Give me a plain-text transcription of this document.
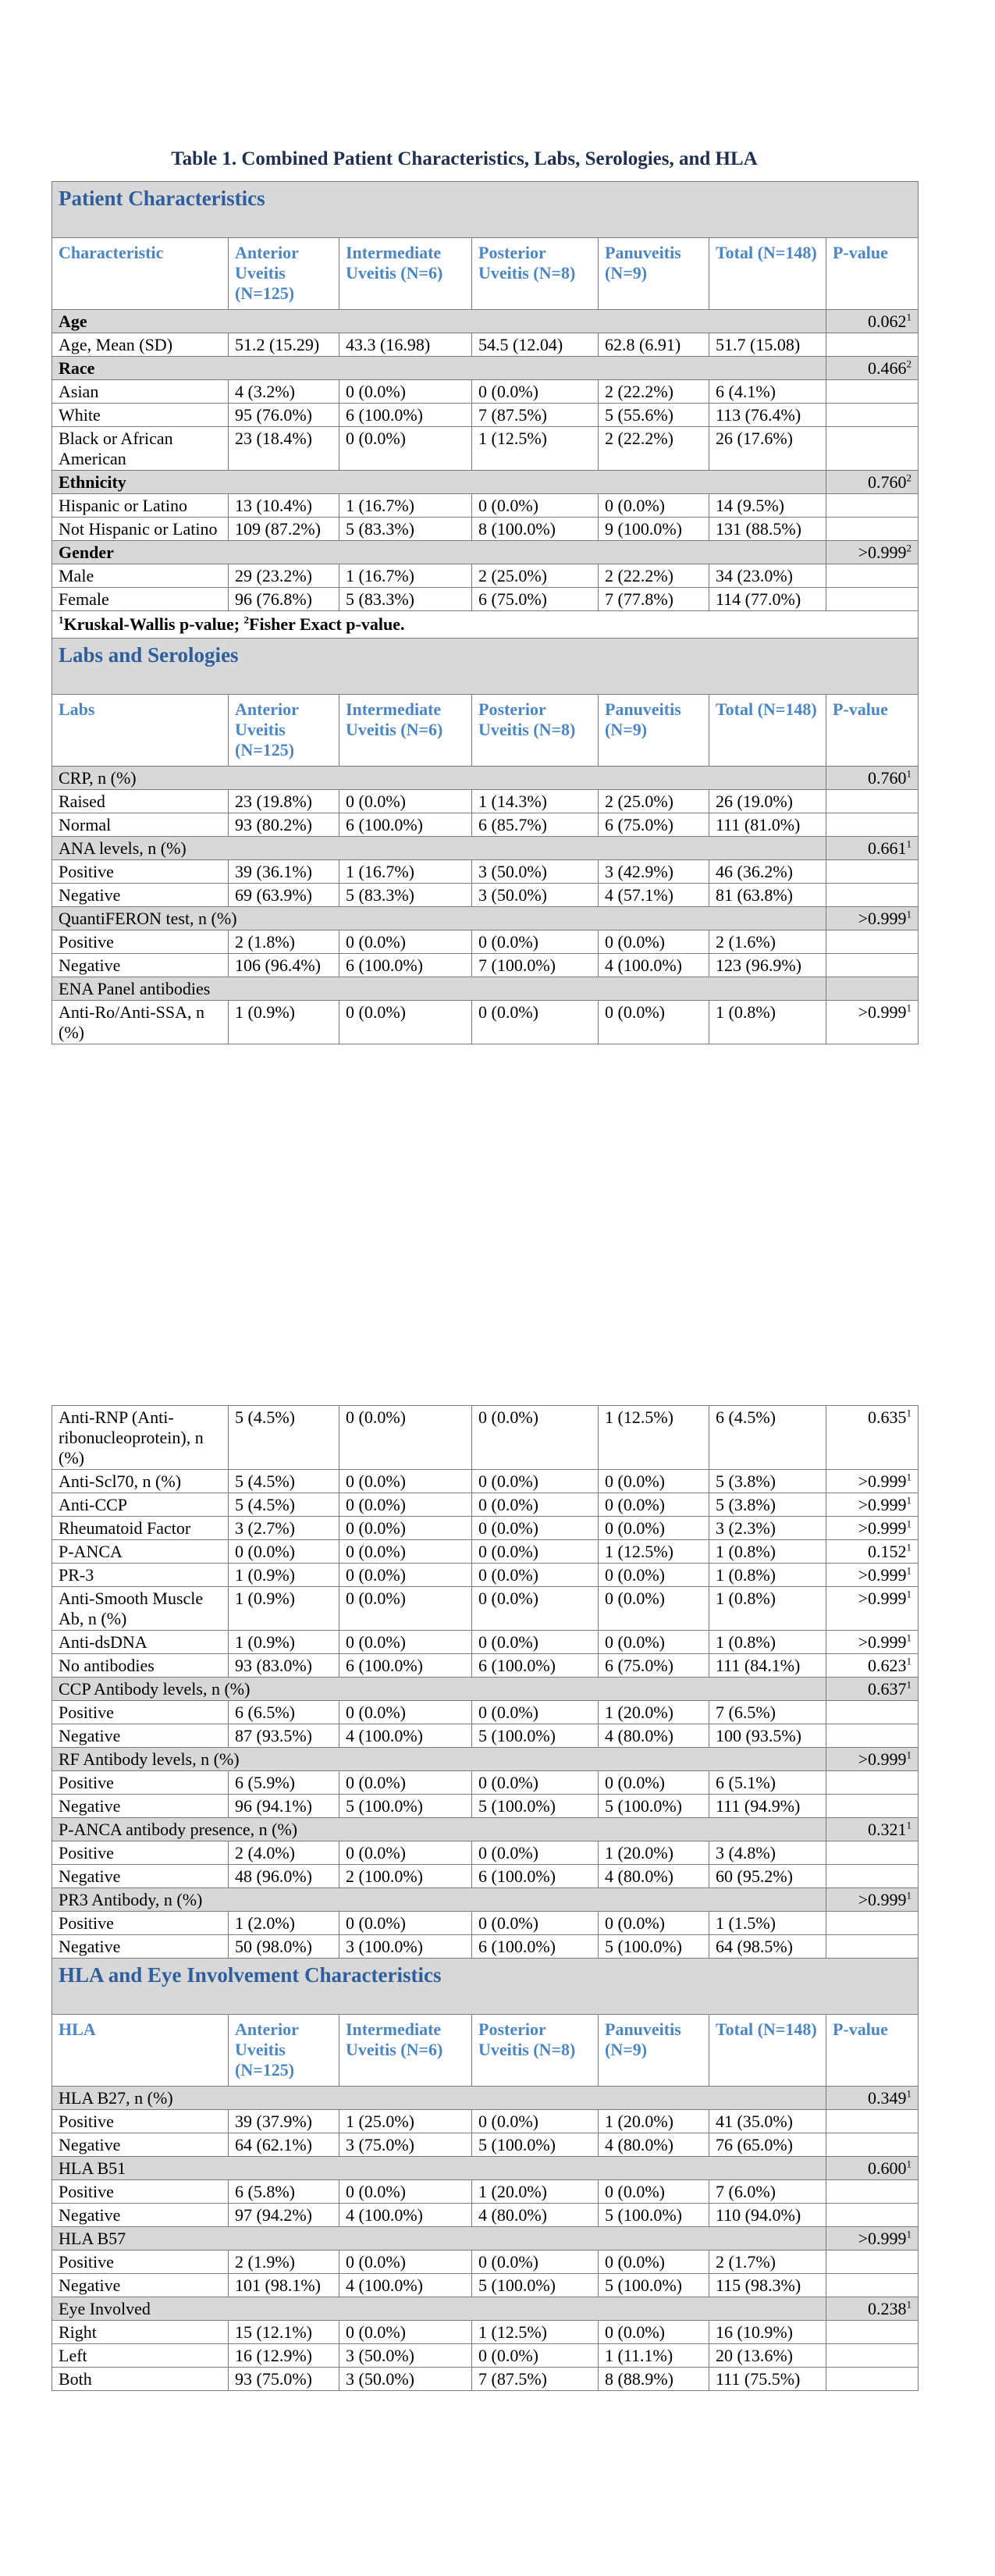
Table 1. Combined Patient Characteristics, Labs, Serologies, and HLA
Patient Characteristics						
Characteristic	Anterior Uveitis (N=125)	Intermediate Uveitis (N=6)	Posterior Uveitis (N=8)	Panuveitis (N=9)	Total (N=148)	P-value
Age						0.062$^1$
Age, Mean (SD)	51.2 (15.29)	43.3 (16.98)	54.5 (12.04)	62.8 (6.91)	51.7 (15.08)	
Race						0.466$^2$
Asian	4 (3.2%)	0 (0.0%)	0 (0.0%)	2 (22.2%)	6 (4.1%)	
White	95 (76.0%)	6 (100.0%)	7 (87.5%)	5 (55.6%)	113 (76.4%)	
Black or African American	23 (18.4%)	0 (0.0%)	1 (12.5%)	2 (22.2%)	26 (17.6%)	
Ethnicity						0.760$^2$
Hispanic or Latino	13 (10.4%)	1 (16.7%)	0 (0.0%)	0 (0.0%)	14 (9.5%)	
Not Hispanic or Latino	109 (87.2%)	5 (83.3%)	8 (100.0%)	9 (100.0%)	131 (88.5%)	
Gender						$>0.999^2$
Male	29 (23.2%)	1 (16.7%)	2 (25.0%)	2 (22.2%)	34 (23.0%)	
Female	96 (76.8%)	5 (83.3%)	6 (75.0%)	7 (77.8%)	114 (77.0%)	
$^1$Kruskal-Wallis p-value; $^2$Fisher Exact p-value.						
Labs and Serologies						
Labs	Anterior Uveitis (N=125)	Intermediate Uveitis (N=6)	Posterior Uveitis (N=8)	Panuveitis (N=9)	Total (N=148)	P-value
CRP, n (%)						0.760$^1$
Raised	23 (19.8%)	0 (0.0%)	1 (14.3%)	2 (25.0%)	26 (19.0%)	
Normal	93 (80.2%)	6 (100.0%)	6 (85.7%)	6 (75.0%)	111 (81.0%)	
ANA levels, n (%)						0.661$^1$
Positive	39 (36.1%)	1 (16.7%)	3 (50.0%)	3 (42.9%)	46 (36.2%)	
Negative	69 (63.9%)	5 (83.3%)	3 (50.0%)	4 (57.1%)	81 (63.8%)	
QuantiFERON test, n (%)						$>0.999^1$
Positive	2 (1.8%)	0 (0.0%)	0 (0.0%)	0 (0.0%)	2 (1.6%)	
Negative	106 (96.4%)	6 (100.0%)	7 (100.0%)	4 (100.0%)	123 (96.9%)	
ENA Panel antibodies						
Anti-Ro/Anti-SSA, n (%)	1 (0.9%)	0 (0.0%)	0 (0.0%)	0 (0.0%)	1 (0.8%)	$>0.999^1$
Anti-RNP (Anti-ribonucleoprotein), n (%)	5 (4.5%)	0 (0.0%)	0 (0.0%)	1 (12.5%)	6 (4.5%)	0.635$^1$
Anti-Scl70, n (%)	5 (4.5%)	0 (0.0%)	0 (0.0%)	0 (0.0%)	5 (3.8%)	$>0.999^1$
Anti-CCP	5 (4.5%)	0 (0.0%)	0 (0.0%)	0 (0.0%)	5 (3.8%)	$>0.999^1$
Rheumatoid Factor	3 (2.7%)	0 (0.0%)	0 (0.0%)	0 (0.0%)	3 (2.3%)	$>0.999^1$
P-ANCA	0 (0.0%)	0 (0.0%)	0 (0.0%)	1 (12.5%)	1 (0.8%)	0.152$^1$
PR-3	1 (0.9%)	0 (0.0%)	0 (0.0%)	0 (0.0%)	1 (0.8%)	$>0.999^1$
Anti-Smooth Muscle Ab, n (%)	1 (0.9%)	0 (0.0%)	0 (0.0%)	0 (0.0%)	1 (0.8%)	$>0.999^1$
Anti-dsDNA	1 (0.9%)	0 (0.0%)	0 (0.0%)	0 (0.0%)	1 (0.8%)	$>0.999^1$
No antibodies	93 (83.0%)	6 (100.0%)	6 (100.0%)	6 (75.0%)	111 (84.1%)	0.623$^1$
CCP Antibody levels, n (%)						0.637$^1$
Positive	6 (6.5%)	0 (0.0%)	0 (0.0%)	1 (20.0%)	7 (6.5%)	
Negative	87 (93.5%)	4 (100.0%)	5 (100.0%)	4 (80.0%)	100 (93.5%)	
RF Antibody levels, n (%)						$>0.999^1$
Positive	6 (5.9%)	0 (0.0%)	0 (0.0%)	0 (0.0%)	6 (5.1%)	
Negative	96 (94.1%)	5 (100.0%)	5 (100.0%)	5 (100.0%)	111 (94.9%)	
P-ANCA antibody presence, n (%)						0.321$^1$
Positive	2 (4.0%)	0 (0.0%)	0 (0.0%)	1 (20.0%)	3 (4.8%)	
Negative	48 (96.0%)	2 (100.0%)	6 (100.0%)	4 (80.0%)	60 (95.2%)	
PR3 Antibody, n (%)						$>0.999^1$
Positive	1 (2.0%)	0 (0.0%)	0 (0.0%)	0 (0.0%)	1 (1.5%)	
Negative	50 (98.0%)	3 (100.0%)	6 (100.0%)	5 (100.0%)	64 (98.5%)	
HLA and Eye Involvement Characteristics						
HLA	Anterior Uveitis (N=125)	Intermediate Uveitis (N=6)	Posterior Uveitis (N=8)	Panuveitis (N=9)	Total (N=148)	P-value
HLA B27, n (%)						0.349$^1$
Positive	39 (37.9%)	1 (25.0%)	0 (0.0%)	1 (20.0%)	41 (35.0%)	
Negative	64 (62.1%)	3 (75.0%)	5 (100.0%)	4 (80.0%)	76 (65.0%)	
HLA B51						0.600$^1$
Positive	6 (5.8%)	0 (0.0%)	1 (20.0%)	0 (0.0%)	7 (6.0%)	
Negative	97 (94.2%)	4 (100.0%)	4 (80.0%)	5 (100.0%)	110 (94.0%)	
HLA B57						$>0.999^1$
Positive	2 (1.9%)	0 (0.0%)	0 (0.0%)	0 (0.0%)	2 (1.7%)	
Negative	101 (98.1%)	4 (100.0%)	5 (100.0%)	5 (100.0%)	115 (98.3%)	
Eye Involved						0.238$^1$
Right	15 (12.1%)	0 (0.0%)	1 (12.5%)	0 (0.0%)	16 (10.9%)	
Left	16 (12.9%)	3 (50.0%)	0 (0.0%)	1 (11.1%)	20 (13.6%)	
Both	93 (75.0%)	3 (50.0%)	7 (87.5%)	8 (88.9%)	111 (75.5%)	
